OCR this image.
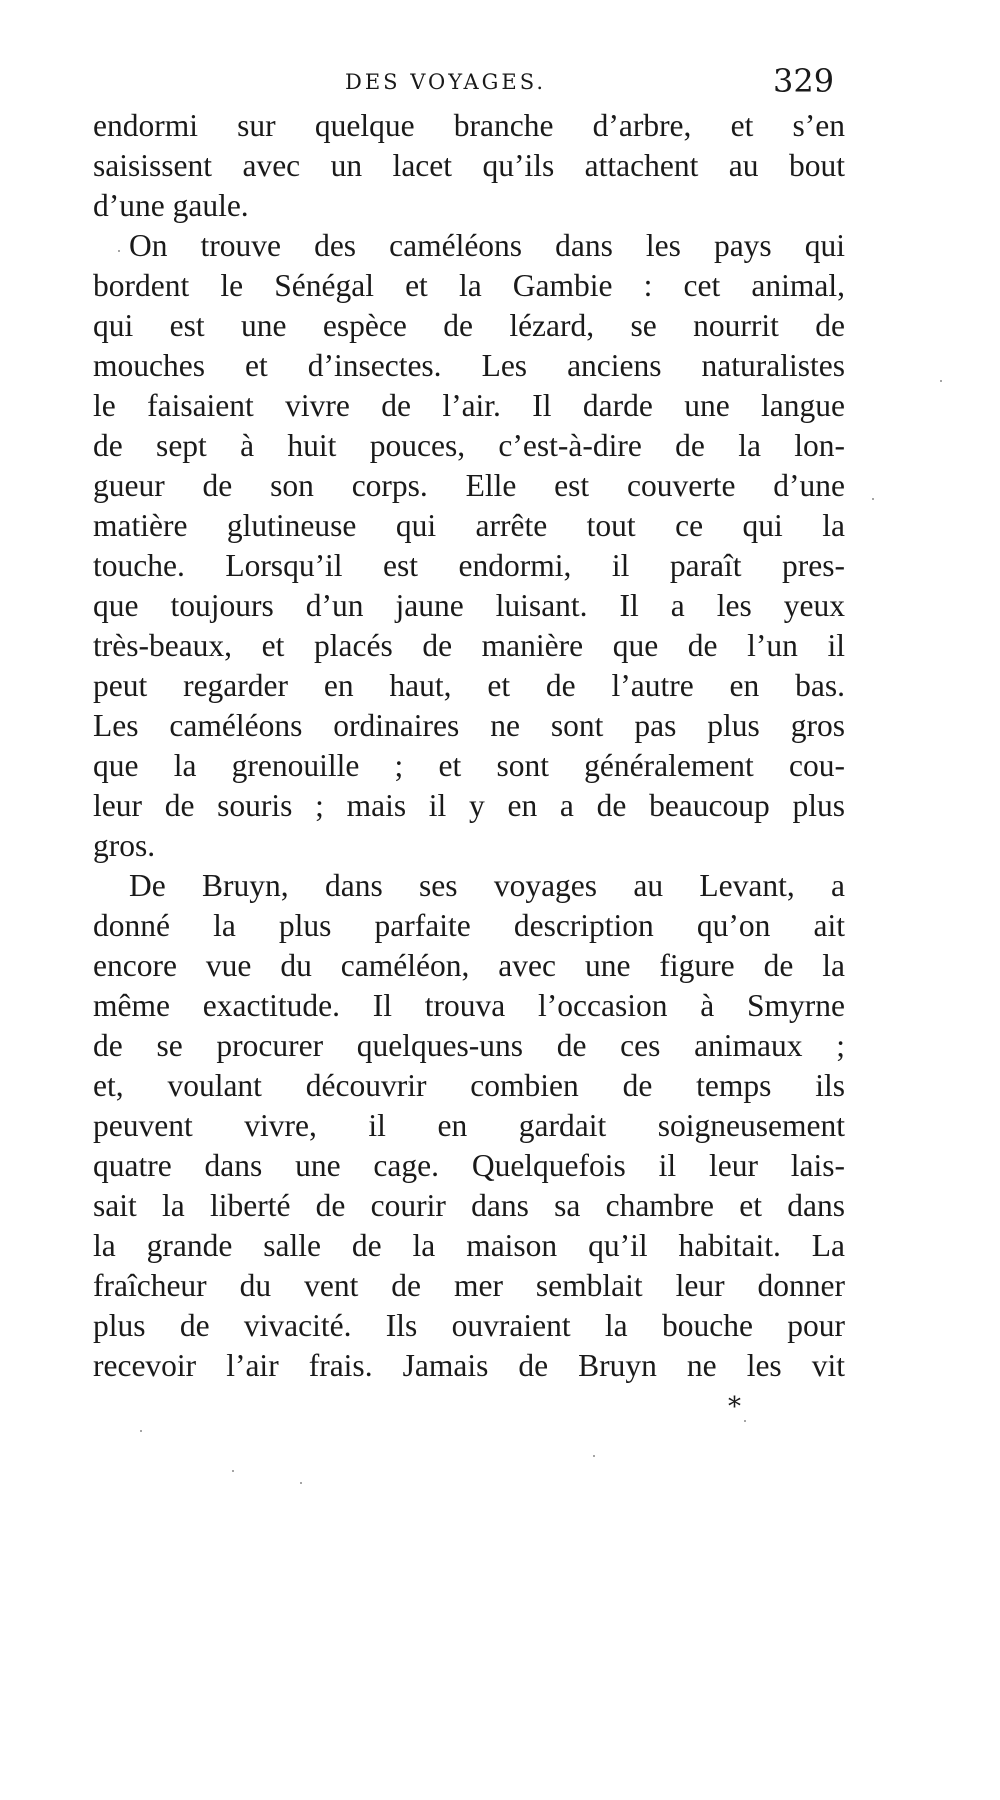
DES VOYAGES.	329
endormi sur quelque branche d’arbre, et s’en
saisissent avec un lacet qu’ils attachent au bout
d’une gaule.
On trouve des caméléons dans les pays qui
bordent le Sénégal et la Gambie : cet animal,
qui est une espèce de lézard, se nourrit de
mouches et d’insectes. Les anciens naturalistes
le faisaient vivre de l’air. Il darde une langue
de sept à huit pouces, c’est-à-dire de la lon-
gueur de son corps. Elle est couverte d’une
matière glutineuse qui arrête tout ce qui la
touche. Lorsqu’il est endormi, il paraît pres-
que toujours d’un jaune luisant. Il a les yeux
très-beaux, et placés de manière que de l’un il
peut regarder en haut, et de l’autre en bas.
Les caméléons ordinaires ne sont pas plus gros
que la grenouille ; et sont généralement cou-
leur de souris ; mais il y en a de beaucoup plus
gros.
De Bruyn, dans ses voyages au Levant, a
donné la plus parfaite description qu’on ait
encore vue du caméléon, avec une figure de la
même exactitude. Il trouva l’occasion à Smyrne
de se procurer quelques-uns de ces animaux ;
et, voulant découvrir combien de temps ils
peuvent vivre, il en gardait soigneusement
quatre dans une cage. Quelquefois il leur lais-
sait la liberté de courir dans sa chambre et dans
la grande salle de la maison qu’il habitait. La
fraîcheur du vent de mer semblait leur donner
plus de vivacité. Ils ouvraient la bouche pour
recevoir l’air frais. Jamais de Bruyn ne les vit
*
